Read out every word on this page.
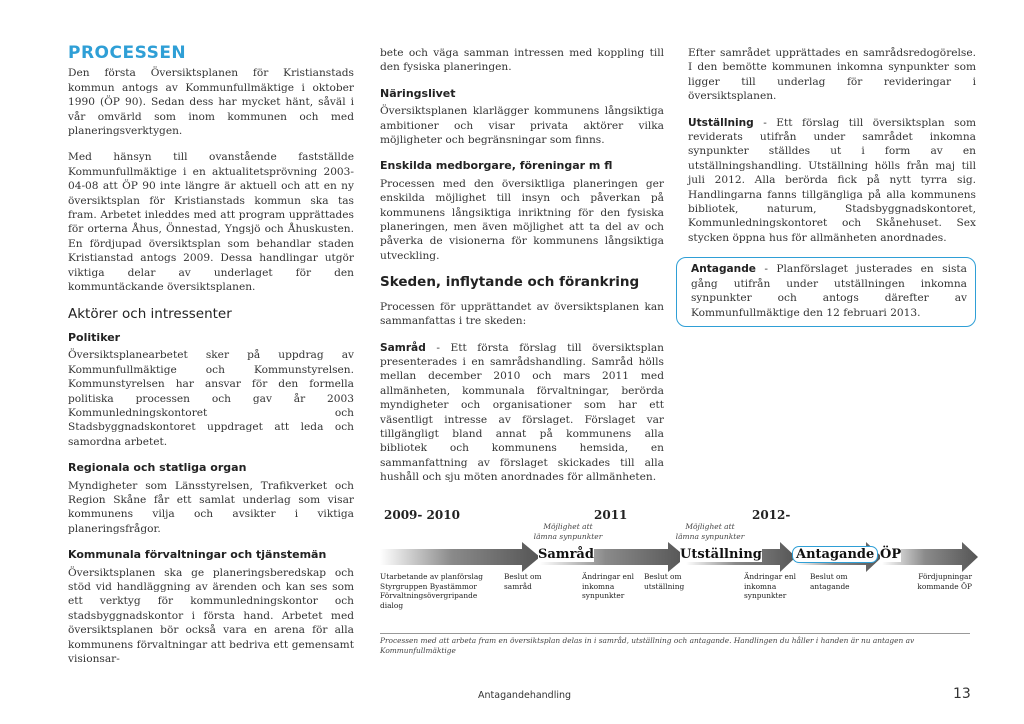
PROCESSEN

Den första Översiktsplanen för Kristianstads kommun antogs av Kommunfullmäktige i oktober 1990 (ÖP 90). Sedan dess har mycket hänt, såväl i vår omvärld som inom kommunen och med planeringsverktygen.

Med hänsyn till ovanstående fastställde Kommunfullmäktige i en aktualitetsprövning 2003-04-08 att ÖP 90 inte längre är aktuell och att en ny översiktsplan för Kristianstads kommun ska tas fram. Arbetet inleddes med att program upprättades för orterna Åhus, Önnestad, Yngsjö och Åhuskusten. En fördjupad översiktsplan som behandlar staden Kristianstad antogs 2009. Dessa handlingar utgör viktiga delar av underlaget för den kommuntäckande översiktsplanen.

Aktörer och intressenter
Politiker

Översiktsplanearbetet sker på uppdrag av Kommunfullmäktige och Kommunstyrelsen. Kommunstyrelsen har ansvar för den formella politiska processen och gav år 2003 Kommunledningskontoret och Stadsbyggnadskontoret uppdraget att leda och samordna arbetet.

Regionala och statliga organ

Myndigheter som Länsstyrelsen, Trafikverket och Region Skåne får ett samlat underlag som visar kommunens vilja och avsikter i viktiga planeringsfrågor.

Kommunala förvaltningar och tjänstemän

Översiktsplanen ska ge planeringsberedskap och stöd vid handläggning av ärenden och kan ses som ett verktyg för kommunledningskontor och stadsbyggnadskontor i första hand. Arbetet med översiktsplanen bör också vara en arena för alla kommunens förvaltningar att bedriva ett gemensamt visionsar-

bete och väga samman intressen med koppling till den fysiska planeringen.

Näringslivet

Översiktsplanen klarlägger kommunens långsiktiga ambitioner och visar privata aktörer vilka möjligheter och begränsningar som finns.

Enskilda medborgare, föreningar m fl

Processen med den översiktliga planeringen ger enskilda möjlighet till insyn och påverkan på kommunens långsiktiga inriktning för den fysiska planeringen, men även möjlighet att ta del av och påverka de visionerna för kommunens långsiktiga utveckling.

Skeden, inflytande och förankring

Processen för upprättandet av översiktsplanen kan sammanfattas i tre skeden:

Samråd - Ett första förslag till översiktsplan presenterades i en samrådshandling. Samråd hölls mellan december 2010 och mars 2011 med allmänheten, kommunala förvaltningar, berörda myndigheter och organisationer som har ett väsentligt intresse av förslaget. Förslaget var tillgängligt bland annat på kommunens alla bibliotek och kommunens hemsida, en sammanfattning av förslaget skickades till alla hushåll och sju möten anordnades för allmänheten.

Efter samrådet upprättades en samrådsredogörelse. I den bemötte kommunen inkomna synpunkter som ligger till underlag för revideringar i översiktsplanen.

Utställning - Ett förslag till översiktsplan som reviderats utifrån under samrådet inkomna synpunkter ställdes ut i form av en utställningshandling. Utställning hölls från maj till juli 2012. Alla berörda fick på nytt tyrra sig. Handlingarna fanns tillgängliga på alla kommunens bibliotek, naturum, Stadsbyggnadskontoret, Kommunledningskontoret och Skånehuset. Sex stycken öppna hus för allmänheten anordnades.

Antagande - Planförslaget justerades en sista gång utifrån under utställningen inkomna synpunkter och antogs därefter av Kommunfullmäktige den 12 februari 2013.
2009- 2010	2011	2012-
Möjlighet att lämna synpunkter
Möjlighet att lämna synpunkter
Samråd	Utställning	Antagande ÖP
Utarbetande av planförslag Styrgruppen Byastämmor Förvaltningsövergripande dialog
Beslut om samråd
Ändringar enl inkomna synpunkter
Beslut om utställning
Ändringar enl inkomna synpunkter
Beslut om antagande
Fördjupningar kommande ÖP
Processen med att arbeta fram en översiktsplan delas in i samråd, utställning och antagande. Handlingen du håller i handen är nu antagen av Kommunfullmäktige
Antagandehandling	13
